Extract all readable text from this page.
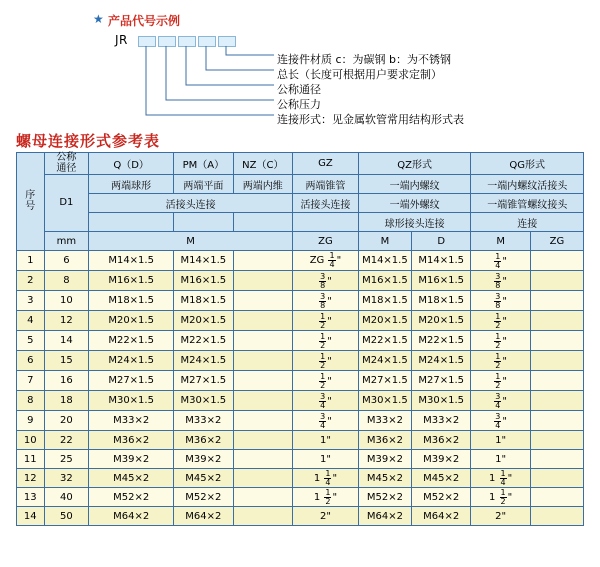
★ 产品代号示例
JR
连接件材质 c：为碳钢 b：为不锈钢
总长（长度可根据用户要求定制）
公称通径
公称压力
连接形式：见金属软管常用结构形式表
螺母连接形式参考表
序
号	公称
通径	Q（D）	PM（A）	NZ（C）	GZ	QZ形式		QG形式	

	D1	两端球形	两端平面	两端内维	两端锥管	一端内螺纹		一端内螺纹活接头	
		活接头连接			活接头连接	一端外螺纹		一端锥管螺纹接头	
						球形接头连接		连接	
	mm	M			ZG	M	D	M	ZG
1	6	M14×1.5	M14×1.5		ZG $\frac{1}{4}$ "	M14×1.5	M14×1.5	$\frac{1}{4}$ "	
2	8	M16×1.5	M16×1.5		$\frac{3}{8}$ "	M16×1.5	M16×1.5	$\frac{3}{8}$ "	
3	10	M18×1.5	M18×1.5		$\frac{3}{8}$ "	M18×1.5	M18×1.5	$\frac{3}{8}$ "	
4	12	M20×1.5	M20×1.5		$\frac{1}{2}$ "	M20×1.5	M20×1.5	$\frac{1}{2}$ "	
5	14	M22×1.5	M22×1.5		$\frac{1}{2}$ "	M22×1.5	M22×1.5	$\frac{1}{2}$ "	
6	15	M24×1.5	M24×1.5		$\frac{1}{2}$ "	M24×1.5	M24×1.5	$\frac{1}{2}$ "	
7	16	M27×1.5	M27×1.5		$\frac{1}{2}$ "	M27×1.5	M27×1.5	$\frac{1}{2}$ "	
8	18	M30×1.5	M30×1.5		$\frac{3}{4}$ "	M30×1.5	M30×1.5	$\frac{3}{4}$ "	
9	20	M33×2	M33×2		$\frac{3}{4}$ "	M33×2	M33×2	$\frac{3}{4}$ "	
10	22	M36×2	M36×2		1"	M36×2	M36×2	1"	
11	25	M39×2	M39×2		1"	M39×2	M39×2	1"	
12	32	M45×2	M45×2		$1 \frac{1}{4}$ "	M45×2	M45×2	$1 \frac{1}{4}$ "	
13	40	M52×2	M52×2		$1 \frac{1}{2}$ "	M52×2	M52×2	$1 \frac{1}{2}$ "	
14	50	M64×2	M64×2		2"	M64×2	M64×2	2"	
